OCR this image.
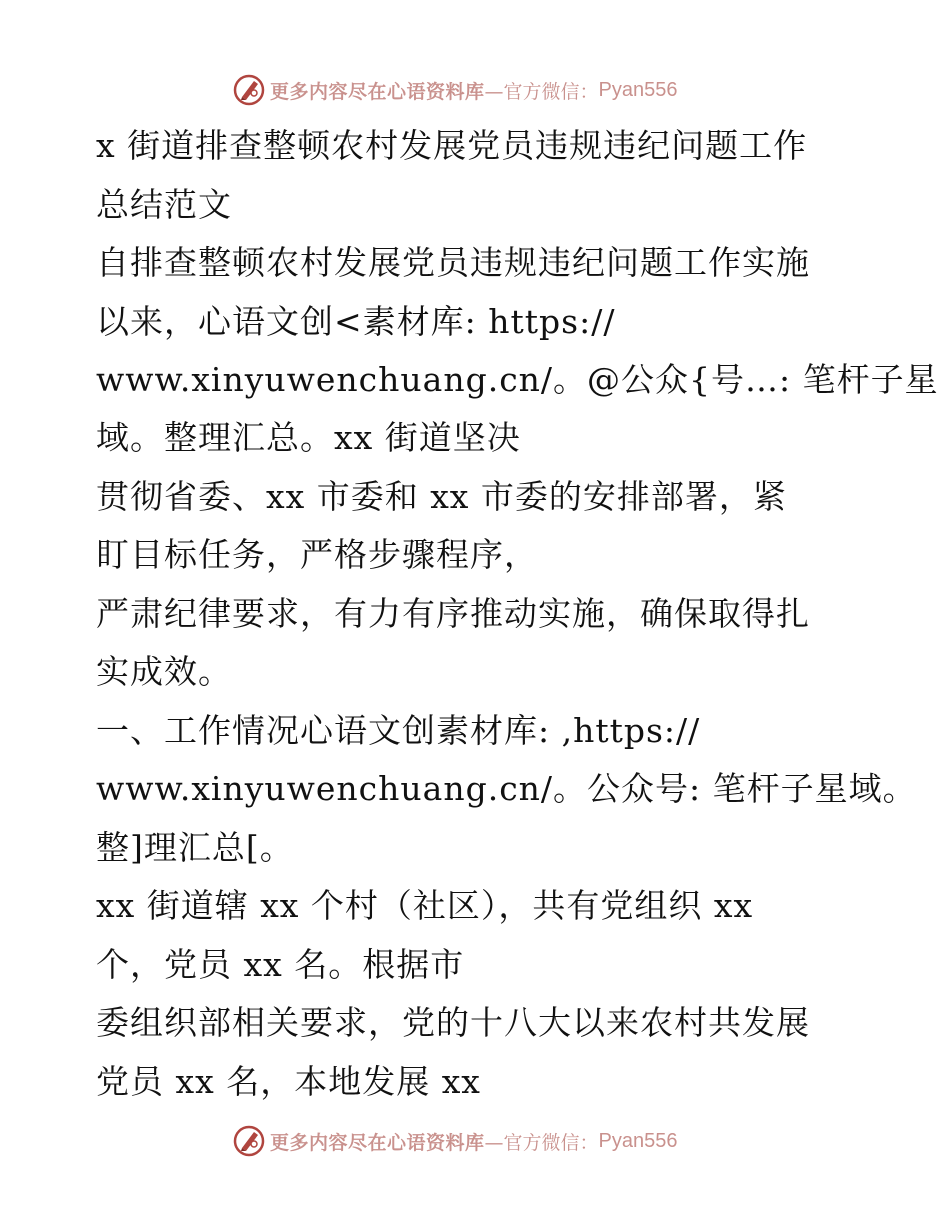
更多内容尽在心语资料库 —官方微信： Pyan556
x 街道排查整顿农村发展党员违规违纪问题工作
总结范文
自排查整顿农村发展党员违规违纪问题工作实施
以来，心语文创<素材库: https://
www.xinyuwenchuang.cn/。@公众{号…: 笔杆子星
域。整理汇总。xx 街道坚决
贯彻省委、xx 市委和 xx 市委的安排部署，紧
盯目标任务，严格步骤程序，
严肃纪律要求，有力有序推动实施，确保取得扎
实成效。
一、工作情况心语文创素材库: ,https://
www.xinyuwenchuang.cn/。公众号: 笔杆子星域。
整]理汇总[。
xx 街道辖 xx 个村（社区），共有党组织 xx
个，党员 xx 名。根据市
委组织部相关要求，党的十八大以来农村共发展
党员 xx 名，本地发展 xx
更多内容尽在心语资料库 —官方微信： Pyan556
